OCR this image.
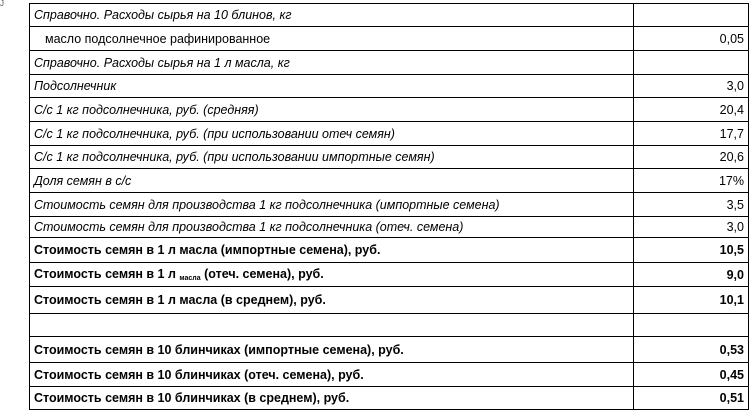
J
Справочно. Расходы сырья на 10 блинов, кг	
масло подсолнечное рафинированное	0,05
Справочно. Расходы сырья на 1 л масла, кг	
Подсолнечник	3,0
С/с 1 кг подсолнечника, руб. (средняя)	20,4
С/с 1 кг подсолнечника, руб. (при использовании отеч семян)	17,7
С/с 1 кг подсолнечника, руб. (при использовании импортные семян)	20,6
Доля семян в с/с	17%
Стоимость семян для производства 1 кг подсолнечника (импортные семена)	3,5
Стоимость семян для производства 1 кг подсолнечника (отеч. семена)	3,0
Стоимость семян в 1 л масла (импортные семена), руб.	10,5
Стоимость семян в 1 л $_{масла}$ (отеч. семена), руб.	9,0
Стоимость семян в 1 л масла (в среднем), руб.	10,1

Стоимость семян в 10 блинчиках (импортные семена), руб.	0,53
Стоимость семян в 10 блинчиках (отеч. семена), руб.	0,45
Стоимость семян в 10 блинчиках (в среднем), руб.	0,51
